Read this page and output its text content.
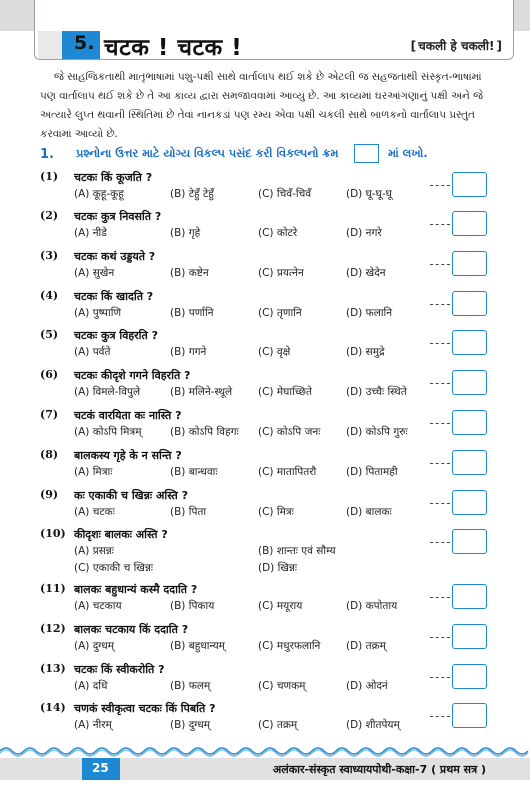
5. चटक ! चटक !
[	चकली हे चकली! ]

જે સાહજિકતાથી માતૃભાષામાં પશુ-પક્ષી સાથે વાર્તાલાપ થઈ શકે છે એટલી જ સહજતાથી સંસ્કૃત-ભાષામાં પણ વાર્તાલાપ થઈ શકે છે તે આ કાવ્ય દ્વારા સમજાવવામાં આવ્યું છે. આ કાવ્યમાં ઘરઆંગણાનું પક્ષી અને જે અત્યારે લુપ્ત થવાની સ્થિતિમાં છે તેવાં નાનકડાં પણ રમ્ય એવા પક્ષી ચકલી સાથે બાળકનો વાર્તાલાપ પ્રસ્તુત કરવામાં આવ્યો છે.

1. પ્રશ્નોના ઉત્તર માટે યોગ્ય વિકલ્પ પસંદ કરી વિકલ્પનો ક્રમ	માં લખો.
(1) चटकः किं कूजति ?
(A) कूहू-कूहू	(B) टेहुँ टेहुँ	(C) चिवँ-चिवँ	(D) घू-घू-घू
(2) चटकः कुत्र निवसति ?
(A) नीडे	(B) गृहे	(C) कोटरे	(D) नगरे
(3) चटकः कथं उड्डयते ?
(A) सुखेन	(B) कष्टेन	(C) प्रयत्नेन	(D) खेदेन
(4) चटकः किं खादति ?
(A) पुष्पाणि	(B) पर्णानि	(C) तृणानि	(D) फलानि
(5) चटकः कुत्र विहरति ?
(A) पर्वते	(B) गगने	(C) वृक्षे	(D) समुद्रे
(6) चटकः कीदृशे गगने विहरति ?
(A) विमले-विपुले	(B) मलिने-स्थूले (C) मेघाच्छिते	(D) उच्चैः स्थिते
(7) चटकं वारयिता कः नास्ति ?
(A) कोऽपि मित्रम्	(B) कोऽपि विहगः (C) कोऽपि जनः (D) कोऽपि गुरुः
(8) बालकस्य गृहे के न सन्ति ?
(A) मित्राः	(B) बान्धवाः	(C) मातापितरौ	(D) पितामही
(9) कः एकाकी च खिन्नः अस्ति ?
(A) चटकः	(B) पिता	(C) मित्रः	(D) बालकः
(10) कीदृशः बालकः अस्ति ?
(A) प्रसन्नः	(B) शान्तः एवं सौम्य
(C) एकाकी च खिन्नः	(D) खिन्नः
(11) बालकः बहुधान्यं कस्मै ददाति ?
(A) चटकाय	(B) पिकाय	(C) मयूराय	(D) कपोताय
(12) बालकः चटकाय किं ददाति ?
(A) दुग्धम्	(B) बहुधान्यम्	(C) मधुरफलानि (D) तक्रम्
(13) चटकः किं स्वीकरोति ?
(A) दधि	(B) फलम्	(C) चणकम्	(D) ओदनं
(14) चणकं स्वीकृत्वा चटकः किं पिबति ?
(A) नीरम्	(B) दुग्धम्	(C) तक्रम्	(D) शीतपेयम्
25	अलंकार-संस्कृत स्वाध्यायपोथी-कक्षा-7 ( प्रथम सत्र )
